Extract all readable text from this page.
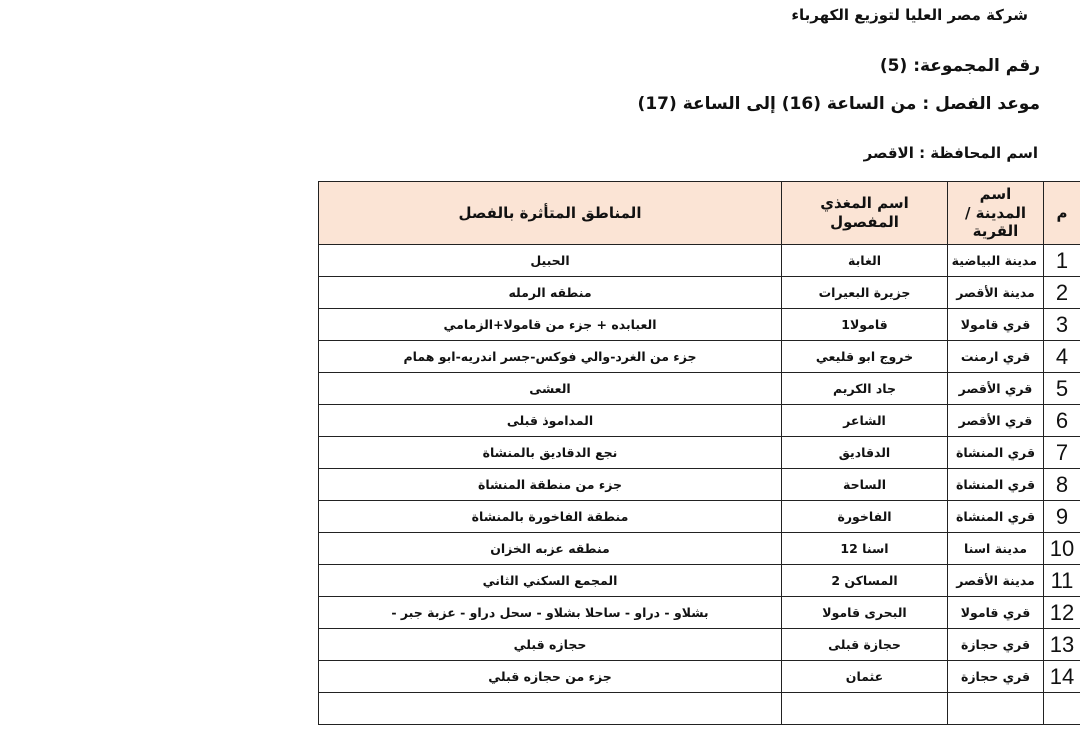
شركة مصر العليا لتوزيع الكهرباء
رقم المجموعة: (5)
موعد الفصل : من الساعة (16) إلى الساعة (17)
اسم المحافظة : الاقصر
م	اسم المدينة / القرية	اسم المغذي المفصول	المناطق المتأثرة بالفصل
1	مدينة البياضية	الغابة	الحبيل
2	مدينة الأقصر	جزيرة البعيرات	منطقه الرمله
3	قري قامولا	قامولا1	العبابده + جزء من قامولا+الزمامي
4	قري ارمنت	خروج ابو قليعي	جزء من الغرد-والي فوكس-جسر اندريه-ابو همام
5	قري الأقصر	جاد الكريم	العشى
6	قري الأقصر	الشاعر	المداموذ قبلى
7	قري المنشاة	الدقاديق	نجع الدقاديق بالمنشاة
8	قري المنشاة	الساحة	جزء من منطقة المنشاة
9	قري المنشاة	الفاخورة	منطقة الفاخورة بالمنشاة
10	مدينة اسنا	اسنا 12	منطقه عزبه الخزان
11	مدينة الأقصر	المساكن 2	المجمع السكني الثاني
12	قري قامولا	البحرى قامولا	بشلاو - دراو - ساحلا بشلاو - سحل دراو - عزبة جبر -
13	قري حجازة	حجازة قبلى	حجازه قبلي
14	قري حجازة	عثمان	جزء من حجازه قبلي
